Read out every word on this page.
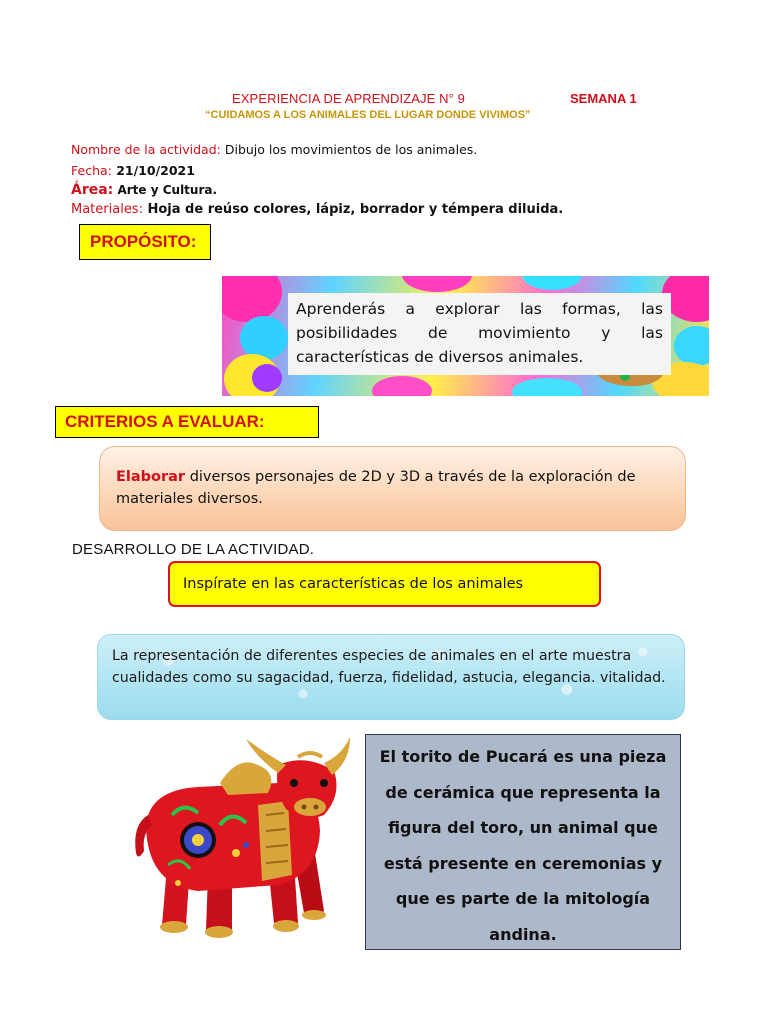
EXPERIENCIA DE APRENDIZAJE N° 9	SEMANA 1
“CUIDAMOS A LOS ANIMALES DEL LUGAR DONDE VIVIMOS”
Nombre de la actividad: Dibujo los movimientos de los animales.
Fecha: 21/10/2021
Área: Arte y Cultura.
Materiales: Hoja de reúso colores, lápiz, borrador y témpera diluida.
PROPÓSITO:
Aprenderás a explorar las formas, las posibilidades de movimiento y las características de diversos animales.
CRITERIOS A EVALUAR:
Elaborar diversos personajes de 2D y 3D a través de la exploración de materiales diversos.
DESARROLLO DE LA ACTIVIDAD.
Inspírate en las características de los animales
La representación de diferentes especies de animales en el arte muestra cualidades como su sagacidad, fuerza, fidelidad, astucia, elegancia. vitalidad.
El torito de Pucará es una pieza de cerámica que representa la figura del toro, un animal que está presente en ceremonias y que es parte de la mitología andina.
